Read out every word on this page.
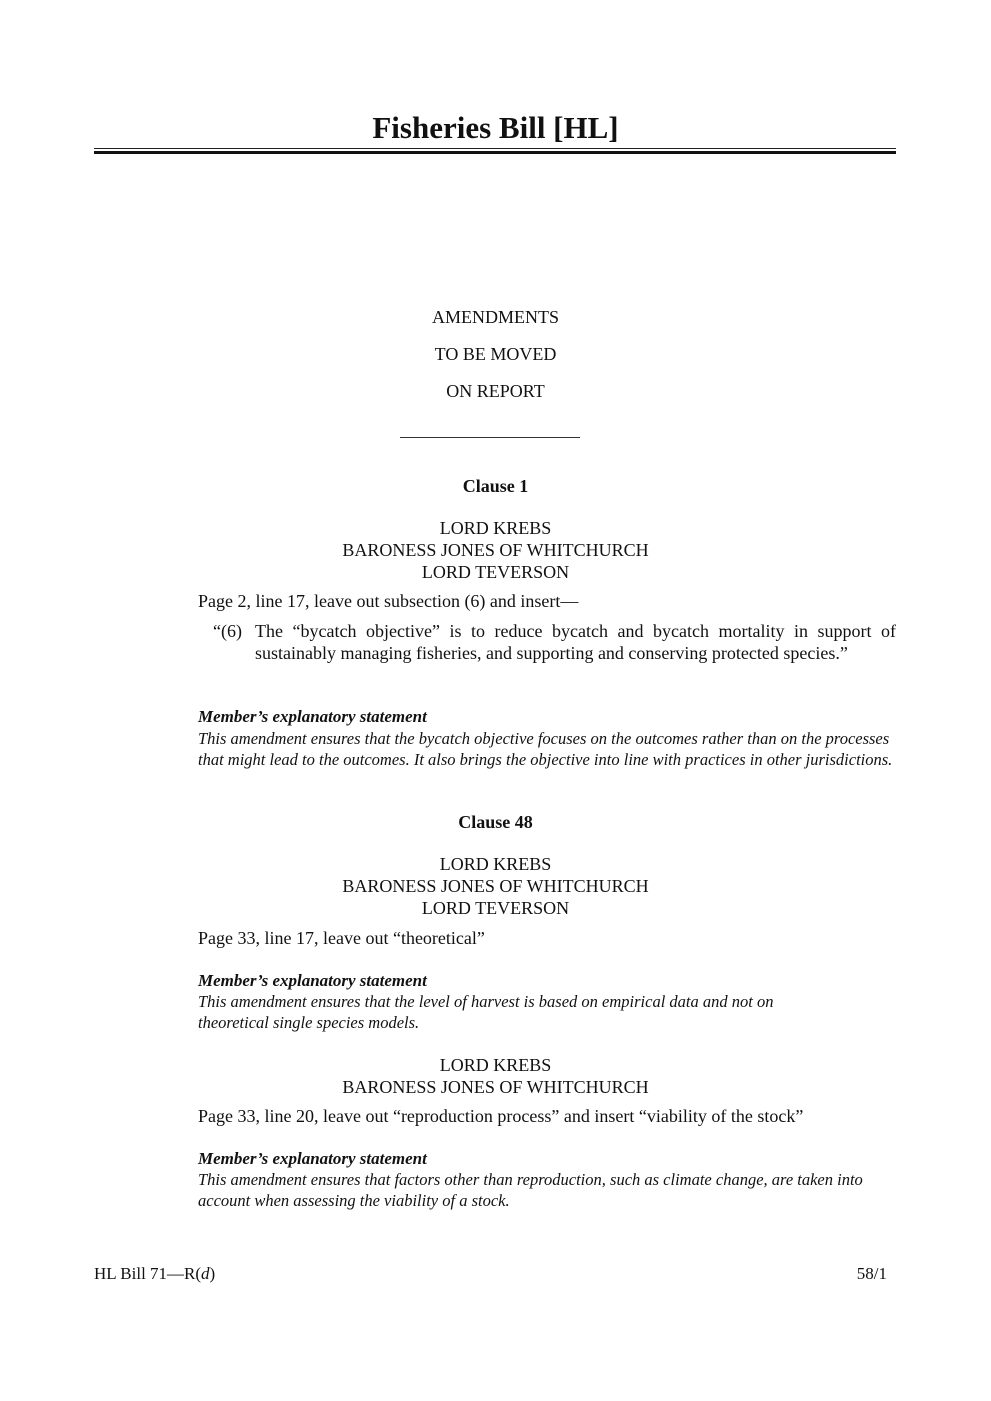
Fisheries Bill [HL]
AMENDMENTS
TO BE MOVED
ON REPORT
Clause 1
LORD KREBS
BARONESS JONES OF WHITCHURCH
LORD TEVERSON
Page 2, line 17, leave out subsection (6) and insert—
“(6) The “bycatch objective” is to reduce bycatch and bycatch mortality in support of sustainably managing fisheries, and supporting and conserving protected species.”
Member’s explanatory statement
This amendment ensures that the bycatch objective focuses on the outcomes rather than on the processes that might lead to the outcomes. It also brings the objective into line with practices in other jurisdictions.
Clause 48
LORD KREBS
BARONESS JONES OF WHITCHURCH
LORD TEVERSON
Page 33, line 17, leave out “theoretical”
Member’s explanatory statement
This amendment ensures that the level of harvest is based on empirical data and not on theoretical single species models.
LORD KREBS
BARONESS JONES OF WHITCHURCH
Page 33, line 20, leave out “reproduction process” and insert “viability of the stock”
Member’s explanatory statement
This amendment ensures that factors other than reproduction, such as climate change, are taken into account when assessing the viability of a stock.
HL Bill 71—R(d)	58/1
